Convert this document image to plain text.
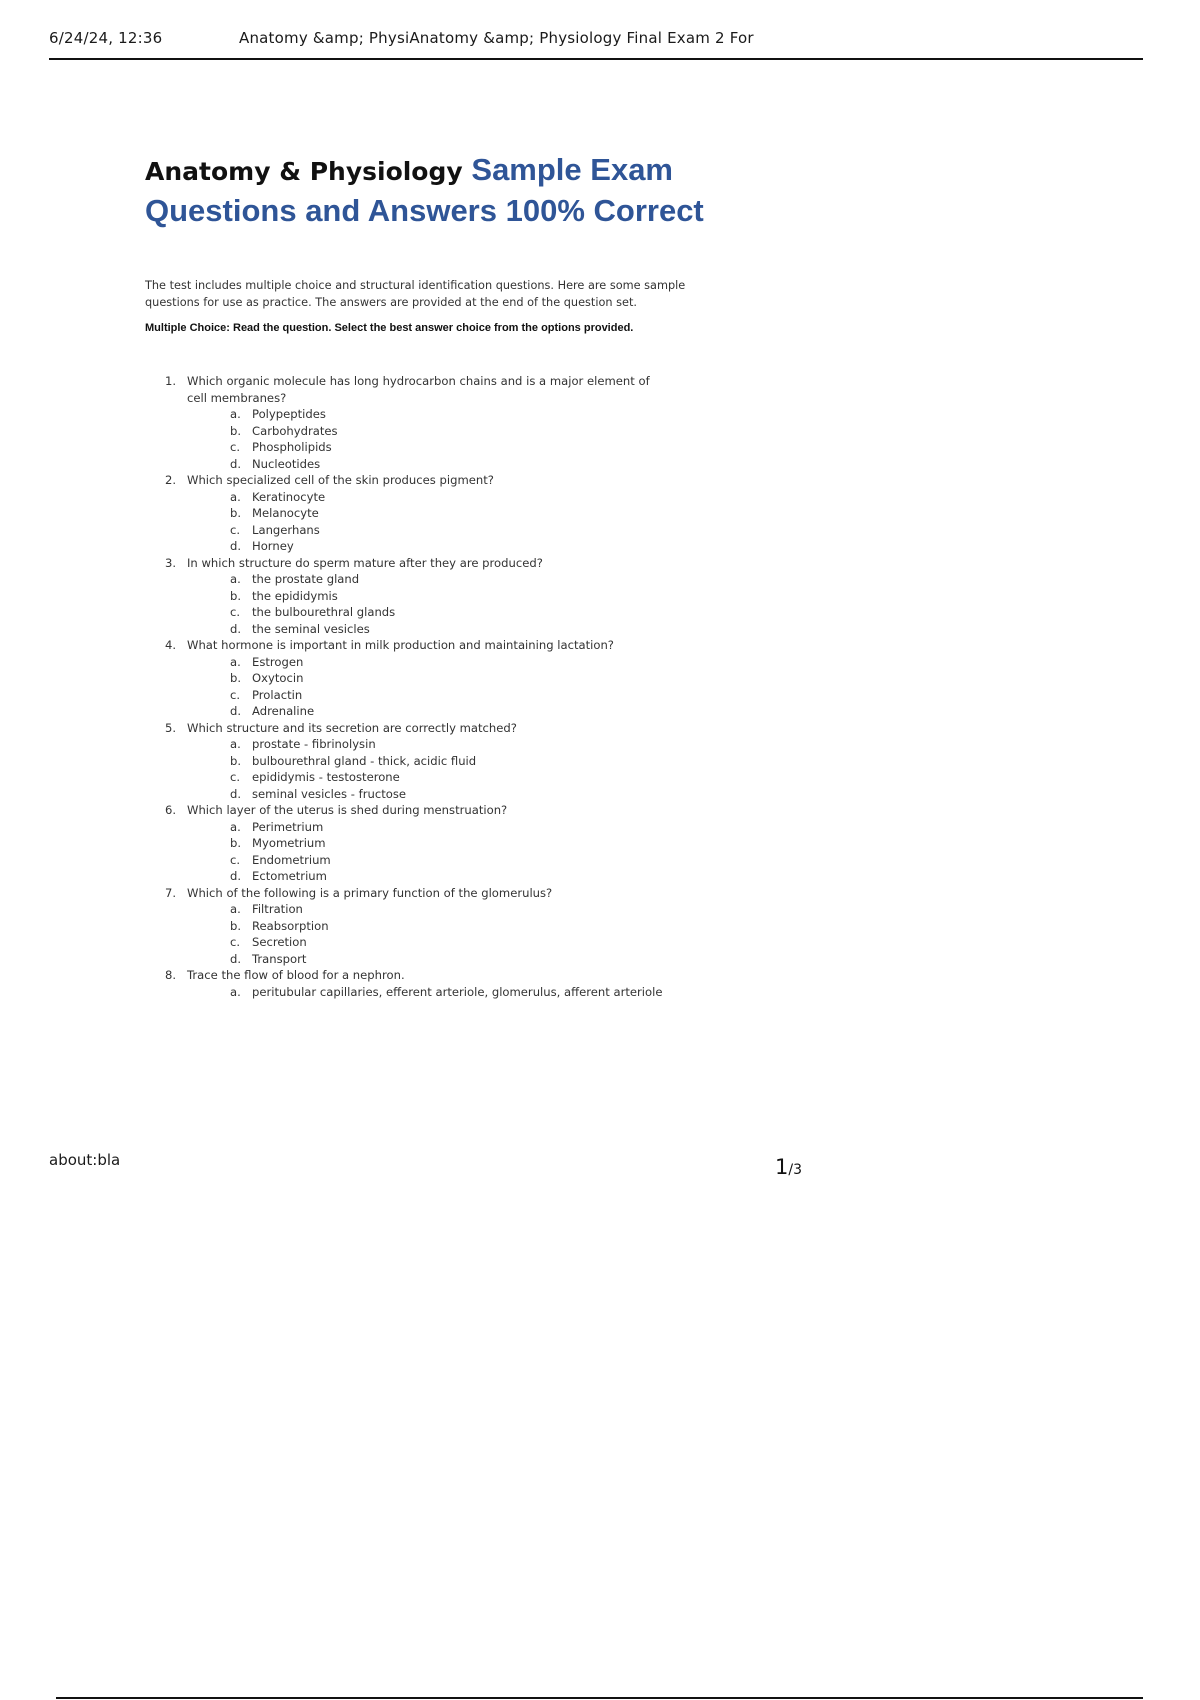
6/24/24, 12:36	Anatomy &amp; PhysiAnatomy &amp; Physiology Final Exam 2 For
Anatomy & Physiology Sample Exam
Questions and Answers 100% Correct

The test includes multiple choice and structural identification questions. Here are some sample questions for use as practice. The answers are provided at the end of the question set.

Multiple Choice: Read the question. Select the best answer choice from the options provided.

1. Which organic molecule has long hydrocarbon chains and is a major element of cell membranes?
a. Polypeptides
b. Carbohydrates
c. Phospholipids
d. Nucleotides
2. Which specialized cell of the skin produces pigment?
a. Keratinocyte
b. Melanocyte
c. Langerhans
d. Horney
3. In which structure do sperm mature after they are produced?
a. the prostate gland
b. the epididymis
c. the bulbourethral glands
d. the seminal vesicles
4. What hormone is important in milk production and maintaining lactation?
a. Estrogen
b. Oxytocin
c. Prolactin
d. Adrenaline
5. Which structure and its secretion are correctly matched?
a. prostate - fibrinolysin
b. bulbourethral gland - thick, acidic fluid
c. epididymis - testosterone
d. seminal vesicles - fructose
6. Which layer of the uterus is shed during menstruation?
a. Perimetrium
b. Myometrium
c. Endometrium
d. Ectometrium
7. Which of the following is a primary function of the glomerulus?
a. Filtration
b. Reabsorption
c. Secretion
d. Transport
8. Trace the flow of blood for a nephron.
a. peritubular capillaries, efferent arteriole, glomerulus, afferent arteriole
about:bla	1/3
